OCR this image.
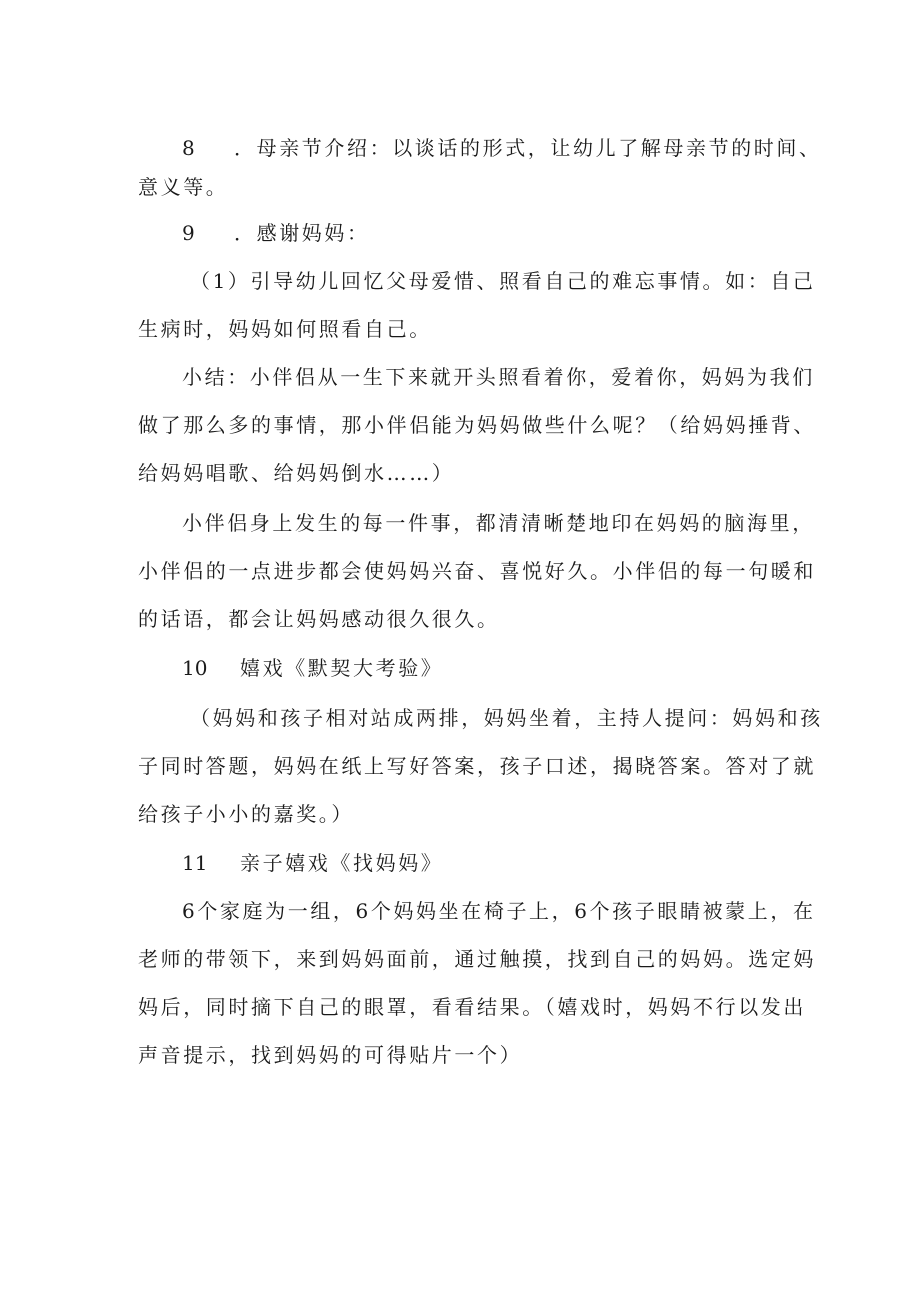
8 ．母亲节介绍：以谈话的形式，让幼儿了解母亲节的时间、

意义等。

9 ．感谢妈妈：

（1）引导幼儿回忆父母爱惜、照看自己的难忘事情。如：自己

生病时，妈妈如何照看自己。

小结：小伴侣从一生下来就开头照看着你，爱着你，妈妈为我们

做了那么多的事情，那小伴侣能为妈妈做些什么呢？（给妈妈捶背、

给妈妈唱歌、给妈妈倒水……）

小伴侣身上发生的每一件事，都清清晰楚地印在妈妈的脑海里，

小伴侣的一点进步都会使妈妈兴奋、喜悦好久。小伴侣的每一句暖和

的话语，都会让妈妈感动很久很久。

10 嬉戏《默契大考验》

（妈妈和孩子相对站成两排，妈妈坐着，主持人提问：妈妈和孩

子同时答题，妈妈在纸上写好答案，孩子口述，揭晓答案。答对了就

给孩子小小的嘉奖。）

11 亲子嬉戏《找妈妈》

6个家庭为一组，6个妈妈坐在椅子上，6个孩子眼睛被蒙上，在

老师的带领下，来到妈妈面前，通过触摸，找到自己的妈妈。选定妈

妈后，同时摘下自己的眼罩，看看结果。（嬉戏时，妈妈不行以发出

声音提示，找到妈妈的可得贴片一个）
